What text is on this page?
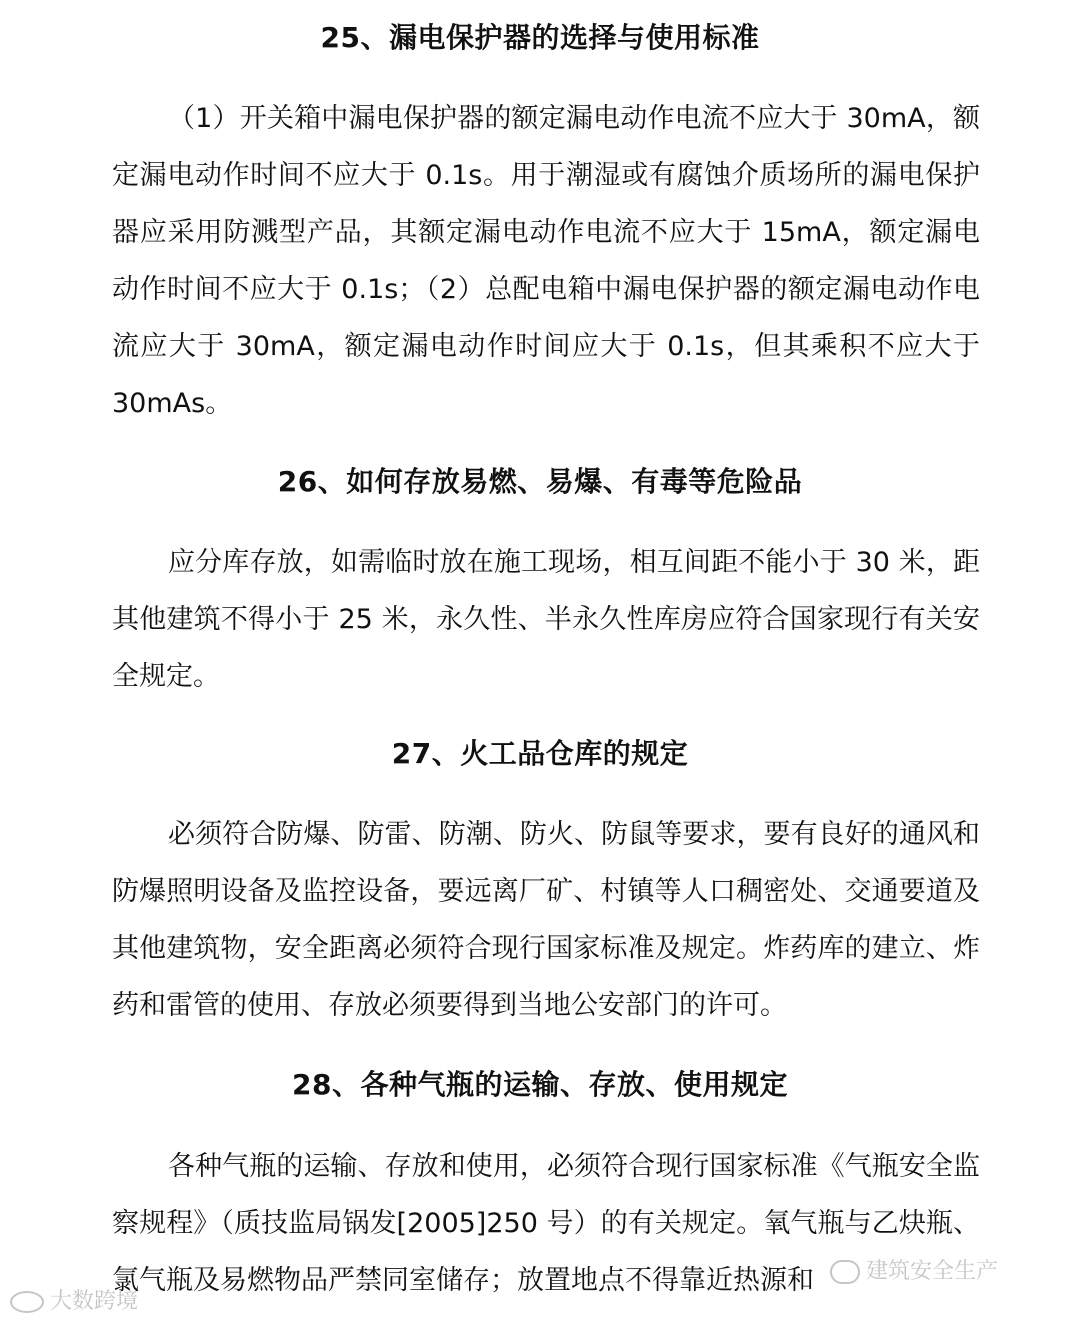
25、漏电保护器的选择与使用标准

（1）开关箱中漏电保护器的额定漏电动作电流不应大于 30mA，额定漏电动作时间不应大于 0.1s。用于潮湿或有腐蚀介质场所的漏电保护器应采用防溅型产品，其额定漏电动作电流不应大于 15mA，额定漏电动作时间不应大于 0.1s；（2）总配电箱中漏电保护器的额定漏电动作电流应大于 30mA，额定漏电动作时间应大于 0.1s，但其乘积不应大于 30mAs。

26、如何存放易燃、易爆、有毒等危险品

应分库存放，如需临时放在施工现场，相互间距不能小于 30 米，距其他建筑不得小于 25 米，永久性、半永久性库房应符合国家现行有关安全规定。

27、火工品仓库的规定

必须符合防爆、防雷、防潮、防火、防鼠等要求，要有良好的通风和防爆照明设备及监控设备，要远离厂矿、村镇等人口稠密处、交通要道及其他建筑物，安全距离必须符合现行国家标准及规定。炸药库的建立、炸药和雷管的使用、存放必须要得到当地公安部门的许可。

28、各种气瓶的运输、存放、使用规定

各种气瓶的运输、存放和使用，必须符合现行国家标准《气瓶安全监察规程》（质技监局锅发[2005]250 号）的有关规定。氧气瓶与乙炔瓶、氯气瓶及易燃物品严禁同室储存；放置地点不得靠近热源和	建筑安全生产
大数跨境
